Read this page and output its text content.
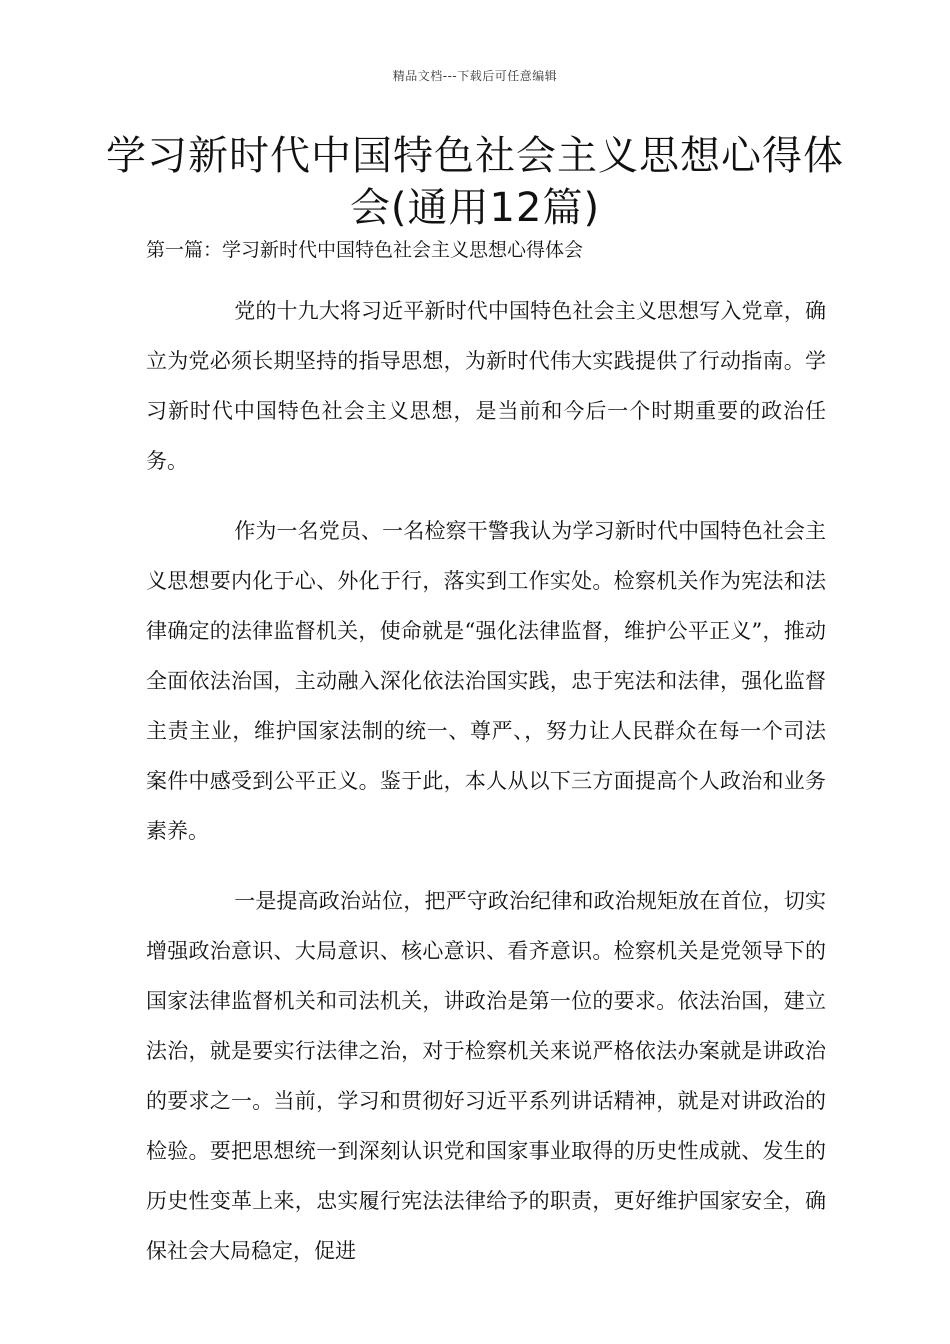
精品文档---下载后可任意编辑
学习新时代中国特色社会主义思想心得体会(通用12篇)
第一篇：学习新时代中国特色社会主义思想心得体会

党的十九大将习近平新时代中国特色社会主义思想写入党章，确立为党必须长期坚持的指导思想，为新时代伟大实践提供了行动指南。学习新时代中国特色社会主义思想，是当前和今后一个时期重要的政治任务。

作为一名党员、一名检察干警我认为学习新时代中国特色社会主义思想要内化于心、外化于行，落实到工作实处。检察机关作为宪法和法律确定的法律监督机关，使命就是“强化法律监督，维护公平正义”，推动全面依法治国，主动融入深化依法治国实践，忠于宪法和法律，强化监督主责主业，维护国家法制的统一、尊严、，努力让人民群众在每一个司法案件中感受到公平正义。鉴于此，本人从以下三方面提高个人政治和业务素养。

一是提高政治站位，把严守政治纪律和政治规矩放在首位，切实增强政治意识、大局意识、核心意识、看齐意识。检察机关是党领导下的国家法律监督机关和司法机关，讲政治是第一位的要求。依法治国，建立法治，就是要实行法律之治，对于检察机关来说严格依法办案就是讲政治的要求之一。当前，学习和贯彻好习近平系列讲话精神，就是对讲政治的检验。要把思想统一到深刻认识党和国家事业取得的历史性成就、发生的历史性变革上来，忠实履行宪法法律给予的职责，更好维护国家安全，确保社会大局稳定，促进
